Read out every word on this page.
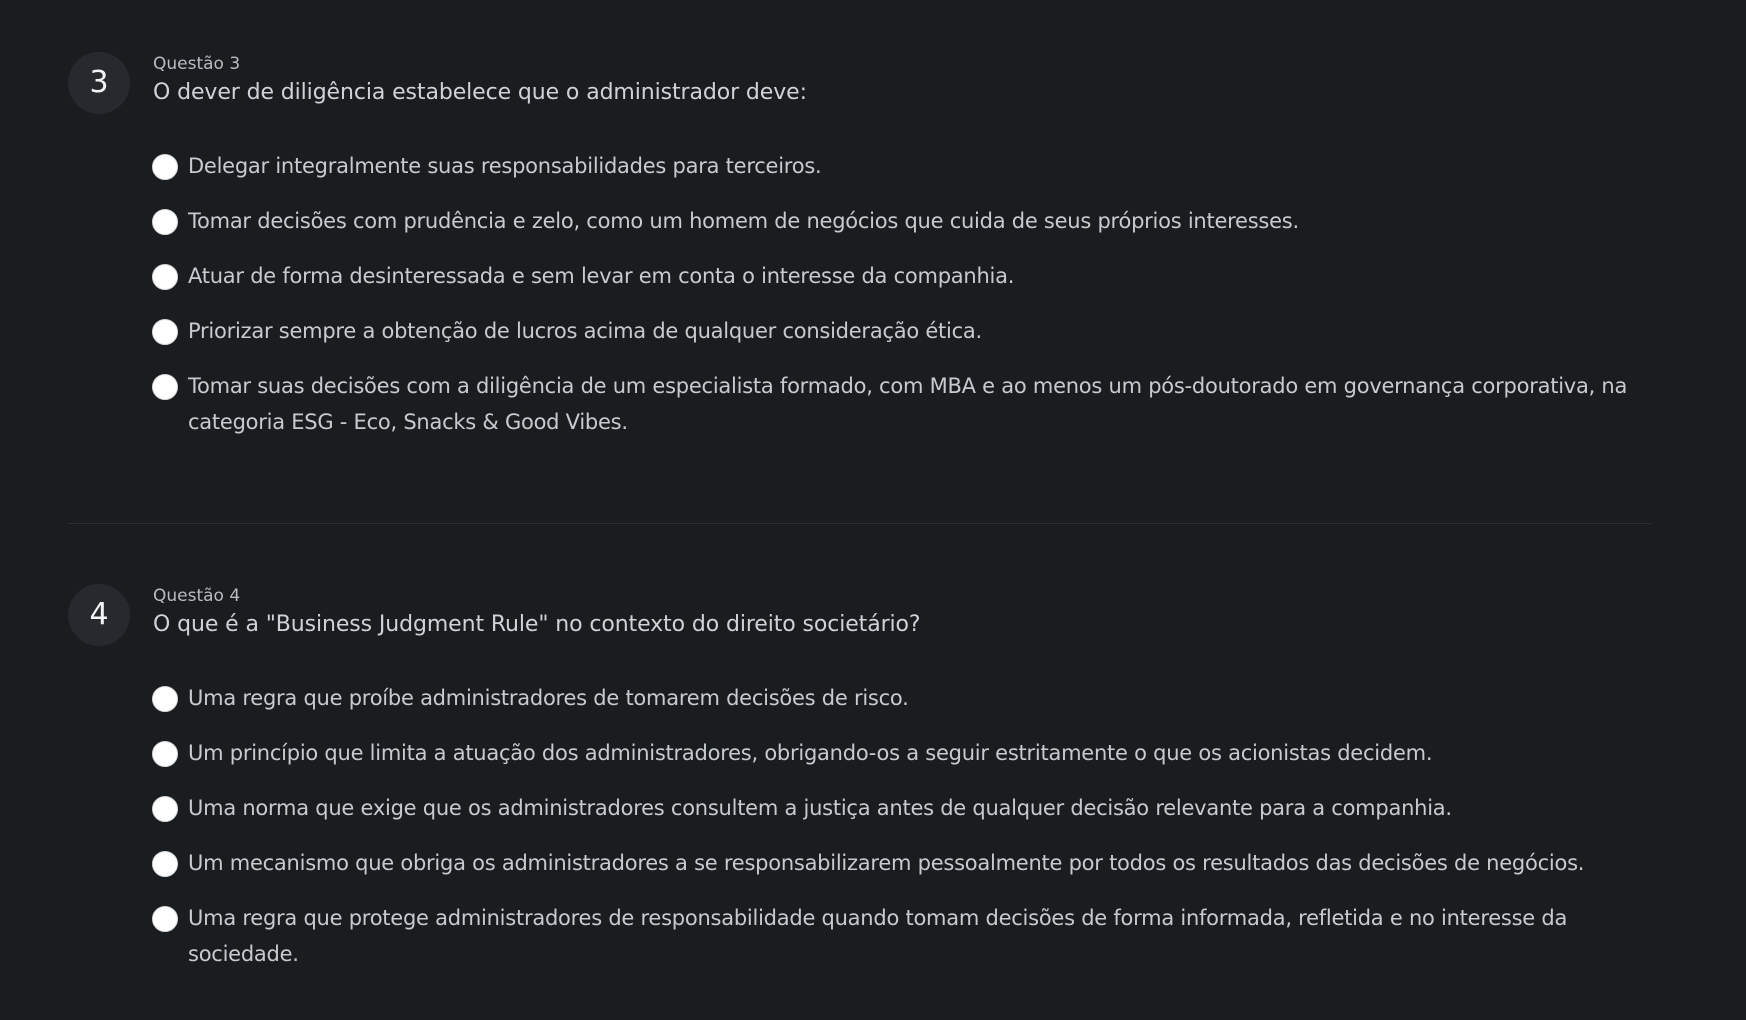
3
Questão 3
O dever de diligência estabelece que o administrador deve:
Delegar integralmente suas responsabilidades para terceiros.
Tomar decisões com prudência e zelo, como um homem de negócios que cuida de seus próprios interesses.
Atuar de forma desinteressada e sem levar em conta o interesse da companhia.
Priorizar sempre a obtenção de lucros acima de qualquer consideração ética.
Tomar suas decisões com a diligência de um especialista formado, com MBA e ao menos um pós-doutorado em governança corporativa, na categoria ESG - Eco, Snacks & Good Vibes.
4
Questão 4
O que é a "Business Judgment Rule" no contexto do direito societário?
Uma regra que proíbe administradores de tomarem decisões de risco.
Um princípio que limita a atuação dos administradores, obrigando-os a seguir estritamente o que os acionistas decidem.
Uma norma que exige que os administradores consultem a justiça antes de qualquer decisão relevante para a companhia.
Um mecanismo que obriga os administradores a se responsabilizarem pessoalmente por todos os resultados das decisões de negócios.
Uma regra que protege administradores de responsabilidade quando tomam decisões de forma informada, refletida e no interesse da sociedade.
